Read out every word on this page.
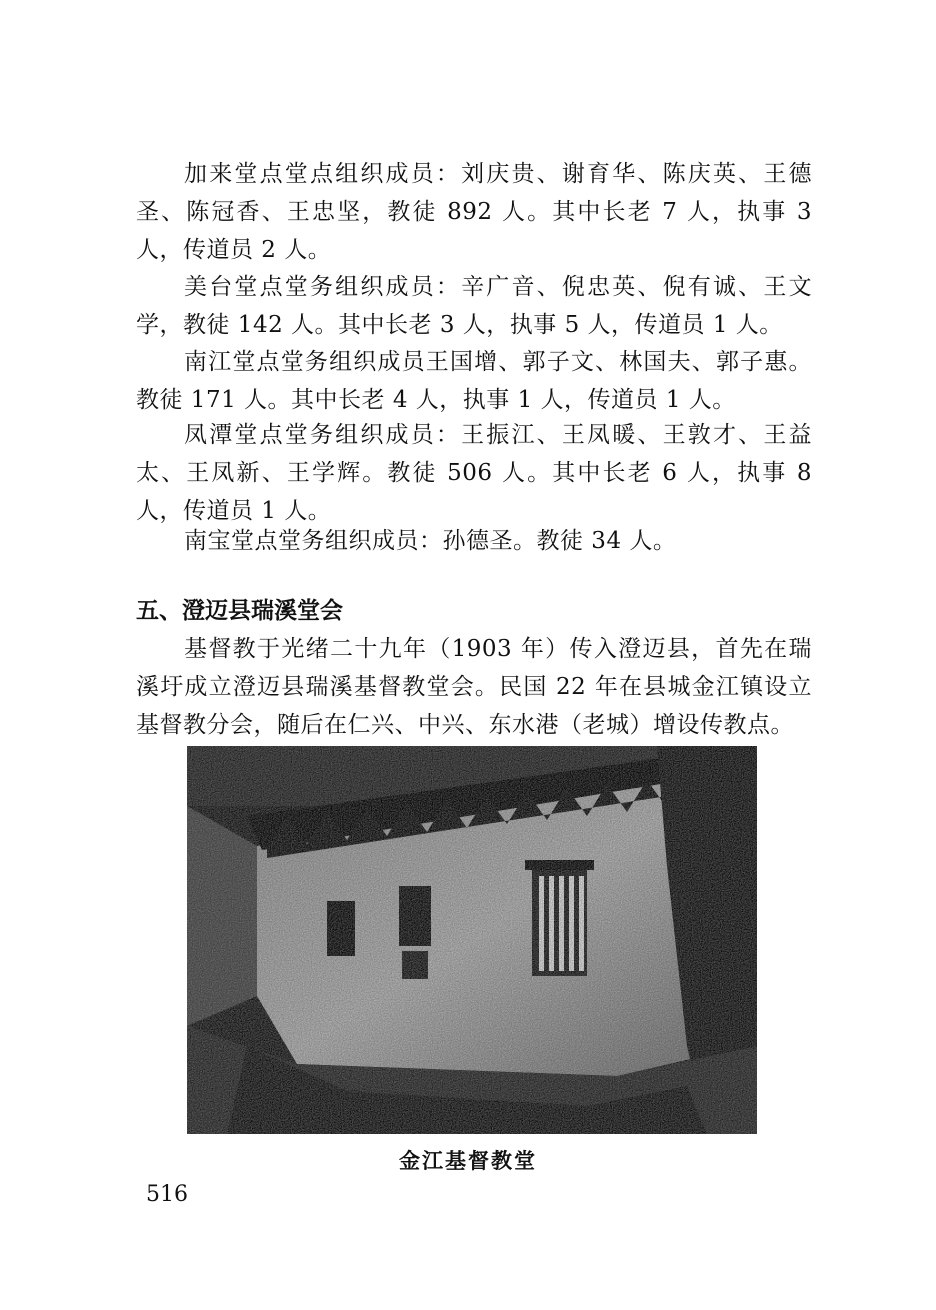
加来堂点堂点组织成员：刘庆贵、谢育华、陈庆英、王德圣、陈冠香、王忠坚，教徒 892 人。其中长老 7 人，执事 3 人，传道员 2 人。

美台堂点堂务组织成员：辛广音、倪忠英、倪有诚、王文学，教徒 142 人。其中长老 3 人，执事 5 人，传道员 1 人。

南江堂点堂务组织成员王国增、郭子文、林国夫、郭子惠。教徒 171 人。其中长老 4 人，执事 1 人，传道员 1 人。

凤潭堂点堂务组织成员：王振江、王凤暖、王敦才、王益太、王凤新、王学辉。教徒 506 人。其中长老 6 人，执事 8 人，传道员 1 人。

南宝堂点堂务组织成员：孙德圣。教徒 34 人。

五、澄迈县瑞溪堂会

基督教于光绪二十九年（1903 年）传入澄迈县，首先在瑞溪圩成立澄迈县瑞溪基督教堂会。民国 22 年在县城金江镇设立基督教分会，随后在仁兴、中兴、东水港（老城）增设传教点。

金江基督教堂

516
